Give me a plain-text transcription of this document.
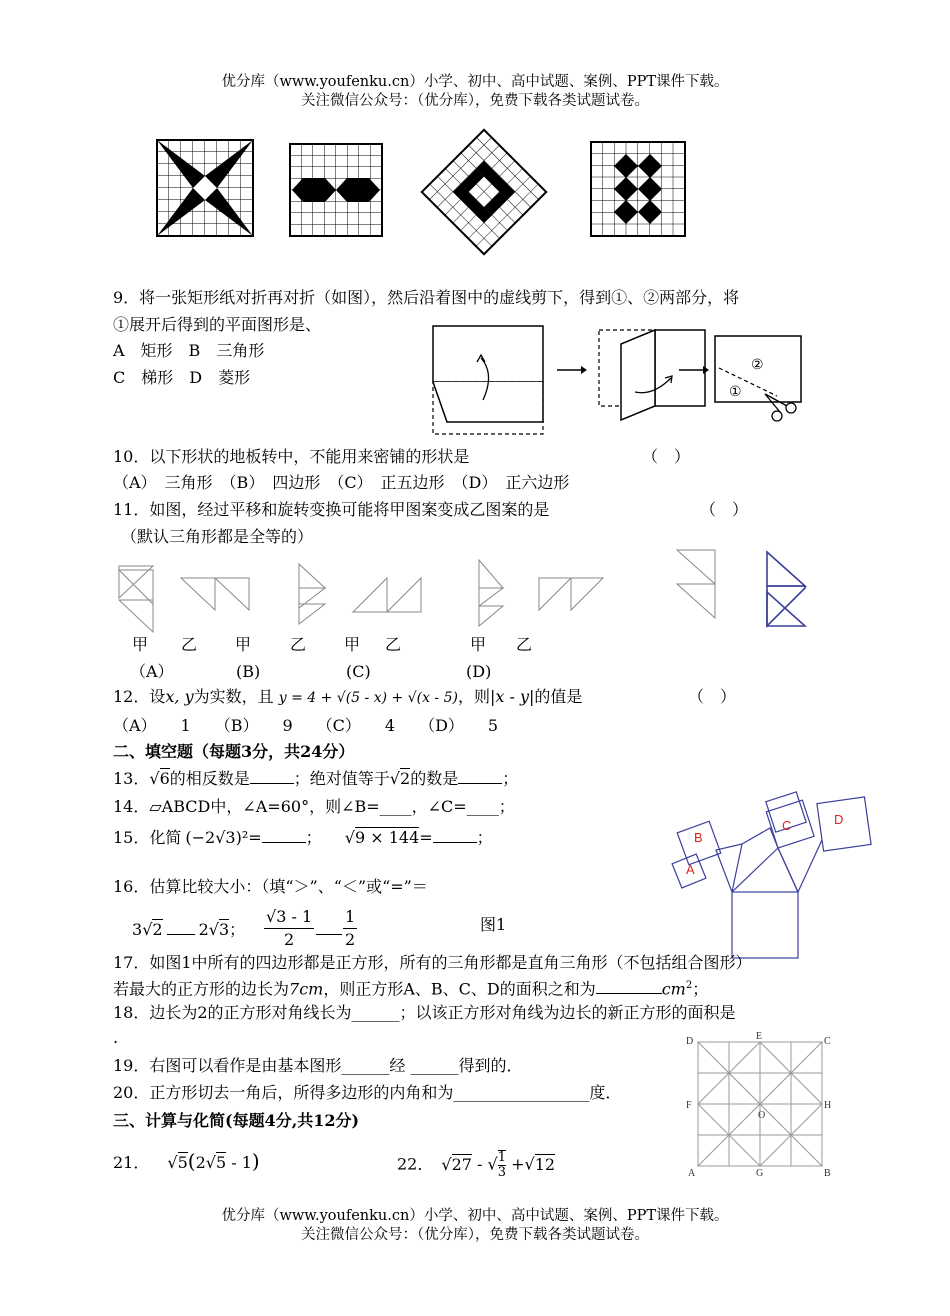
优分库（www.youfenku.cn）小学、初中、高中试题、案例、PPT课件下载。
关注微信公众号：（优分库），免费下载各类试题试卷。
9．将一张矩形纸对折再对折（如图），然后沿着图中的虚线剪下，得到①、②两部分，将
①展开后得到的平面图形是、
A　矩形　B　三角形
C　梯形　D　菱形
①
②
10．以下形状的地板转中，不能用来密铺的形状是	（　）
（A）　三角形　（B）　四边形　（C）　正五边形　（D）　正六边形
11．如图，经过平移和旋转变换可能将甲图案变成乙图案的是	（　）
（默认三角形都是全等的）
甲 乙 甲 乙 甲 乙	甲 乙
（A）	(B)	(C)	(D)
12．设x, y为实数，且 y = 4 + √(5 - x) + √(x - 5)，则|x - y|的值是	（　）
（A）　　1　　（B）　　9　　（C）　　4　　（D）　　5
二、填空题（每题3分，共24分）
13．√6的相反数是	；绝对值等于√2的数是	；
14．▱ABCD中，∠A=60°，则∠B=____，∠C=____；
15．化简 (−2√3)²=	； √9 × 144=	；
16．估算比较大小：（填“＞”、“＜”或“=”＝
3√2 2√3；
√3 - 1
2
1
2
图1
A
B
C	D
17．如图1中所有的四边形都是正方形，所有的三角形都是直角三角形（不包括组合图形）
若最大的正方形的边长为7cm，则正方形A、B、C、D的面积之和为	$cm^2$；
18．边长为2的正方形对角线长为______；以该正方形对角线为边长的新正方形的面积是
.
19．右图可以看作是由基本图形______经 ______得到的．
20．正方形切去一角后，所得多边形的内角和为_________________度．
D	E	C
F
O
H
A	G	B
三、计算与化简(每题4分,共12分)
21． √5(2√5 - 1)	22． √27 - √ $\frac{1}{3} +√12$
优分库（www.youfenku.cn）小学、初中、高中试题、案例、PPT课件下载。
关注微信公众号：（优分库），免费下载各类试题试卷。
